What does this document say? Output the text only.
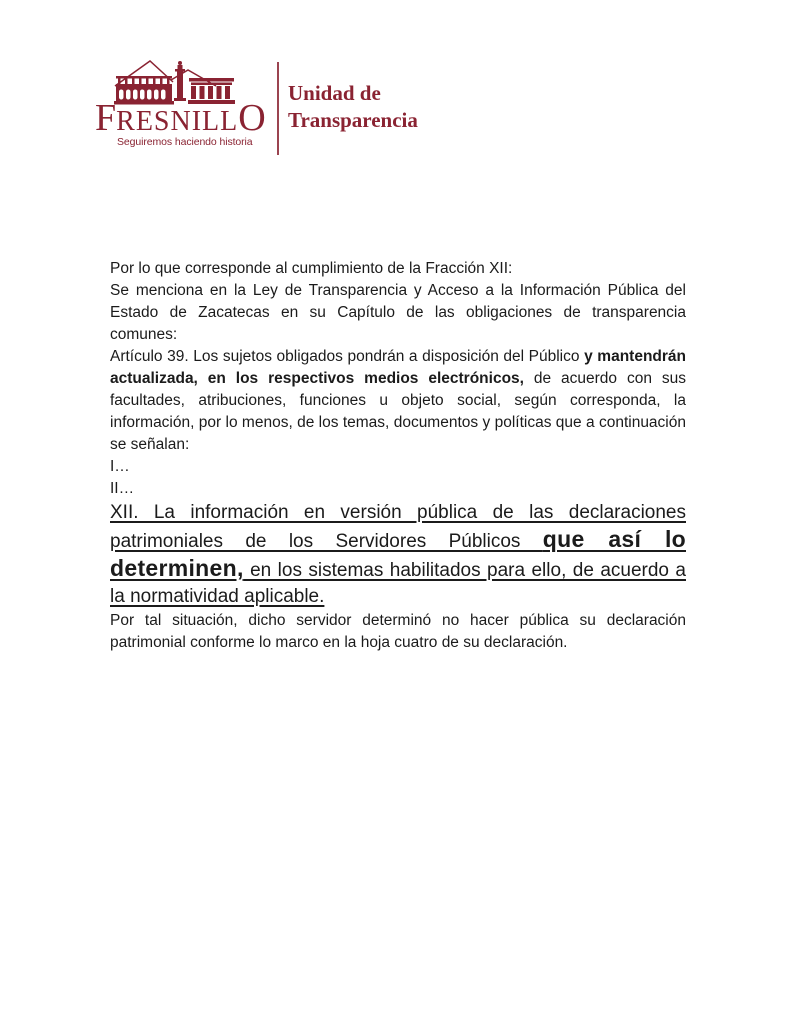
FRESNILLO
Seguiremos haciendo historia
Unidad de
Transparencia

Por lo que corresponde al cumplimiento de la Fracción XII:

Se menciona en la Ley de Transparencia y Acceso a la Información Pública del Estado de Zacatecas en su Capítulo de las obligaciones de transparencia comunes:

Artículo 39. Los sujetos obligados pondrán a disposición del Público y mantendrán actualizada, en los respectivos medios electrónicos, de acuerdo con sus facultades, atribuciones, funciones u objeto social, según corresponda, la información, por lo menos, de los temas, documentos y políticas que a continuación se señalan:

I…

II…

XII. La información en versión pública de las declaraciones patrimoniales de los Servidores Públicos que así lo determinen, en los sistemas habilitados para ello, de acuerdo a la normatividad aplicable.

Por tal situación, dicho servidor determinó no hacer pública su declaración patrimonial conforme lo marco en la hoja cuatro de su declaración.
